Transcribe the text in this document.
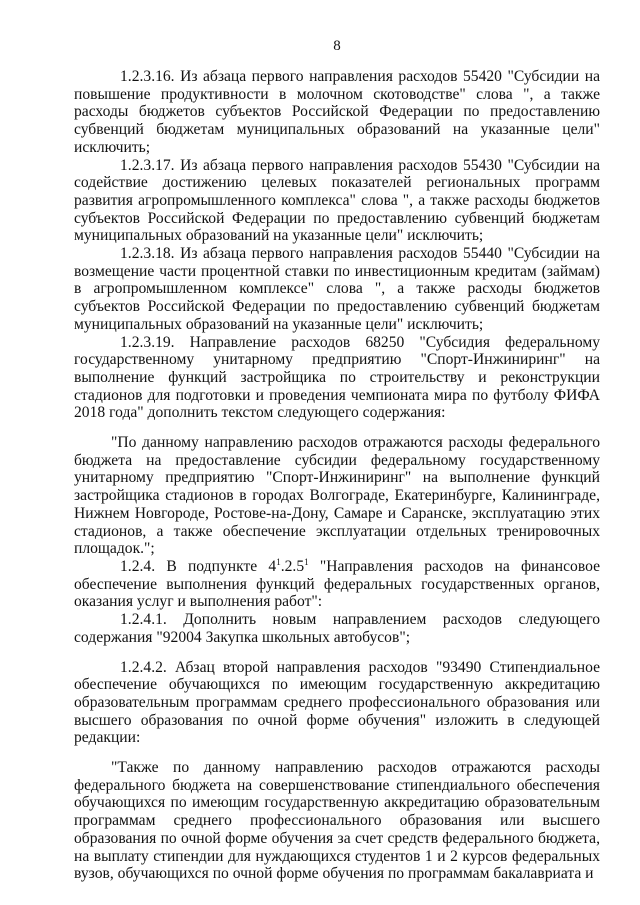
8

1.2.3.16. Из абзаца первого направления расходов 55420 "Субсидии на повышение продуктивности в молочном скотоводстве" слова ", а также расходы бюджетов субъектов Российской Федерации по предоставлению субвенций бюджетам муниципальных образований на указанные цели" исключить;

1.2.3.17. Из абзаца первого направления расходов 55430 "Субсидии на содействие достижению целевых показателей региональных программ развития агропромышленного комплекса" слова ", а также расходы бюджетов субъектов Российской Федерации по предоставлению субвенций бюджетам муниципальных образований на указанные цели" исключить;

1.2.3.18. Из абзаца первого направления расходов 55440 "Субсидии на возмещение части процентной ставки по инвестиционным кредитам (займам) в агропромышленном комплексе" слова ", а также расходы бюджетов субъектов Российской Федерации по предоставлению субвенций бюджетам муниципальных образований на указанные цели" исключить;

1.2.3.19. Направление расходов 68250 "Субсидия федеральному государственному унитарному предприятию "Спорт-Инжиниринг" на выполнение функций застройщика по строительству и реконструкции стадионов для подготовки и проведения чемпионата мира по футболу ФИФА 2018 года" дополнить текстом следующего содержания:

"По данному направлению расходов отражаются расходы федерального бюджета на предоставление субсидии федеральному государственному унитарному предприятию "Спорт-Инжиниринг" на выполнение функций застройщика стадионов в городах Волгограде, Екатеринбурге, Калининграде, Нижнем Новгороде, Ростове-на-Дону, Самаре и Саранске, эксплуатацию этих стадионов, а также обеспечение эксплуатации отдельных тренировочных площадок.";

1.2.4. В подпункте $4^1.2.5^1$ "Направления расходов на финансовое обеспечение выполнения функций федеральных государственных органов, оказания услуг и выполнения работ":

1.2.4.1. Дополнить новым направлением расходов следующего содержания "92004 Закупка школьных автобусов";

1.2.4.2. Абзац второй направления расходов "93490 Стипендиальное обеспечение обучающихся по имеющим государственную аккредитацию образовательным программам среднего профессионального образования или высшего образования по очной форме обучения" изложить в следующей редакции:

"Также по данному направлению расходов отражаются расходы федерального бюджета на совершенствование стипендиального обеспечения обучающихся по имеющим государственную аккредитацию образовательным программам среднего профессионального образования или высшего образования по очной форме обучения за счет средств федерального бюджета, на выплату стипендии для нуждающихся студентов 1 и 2 курсов федеральных вузов, обучающихся по очной форме обучения по программам бакалавриата и
